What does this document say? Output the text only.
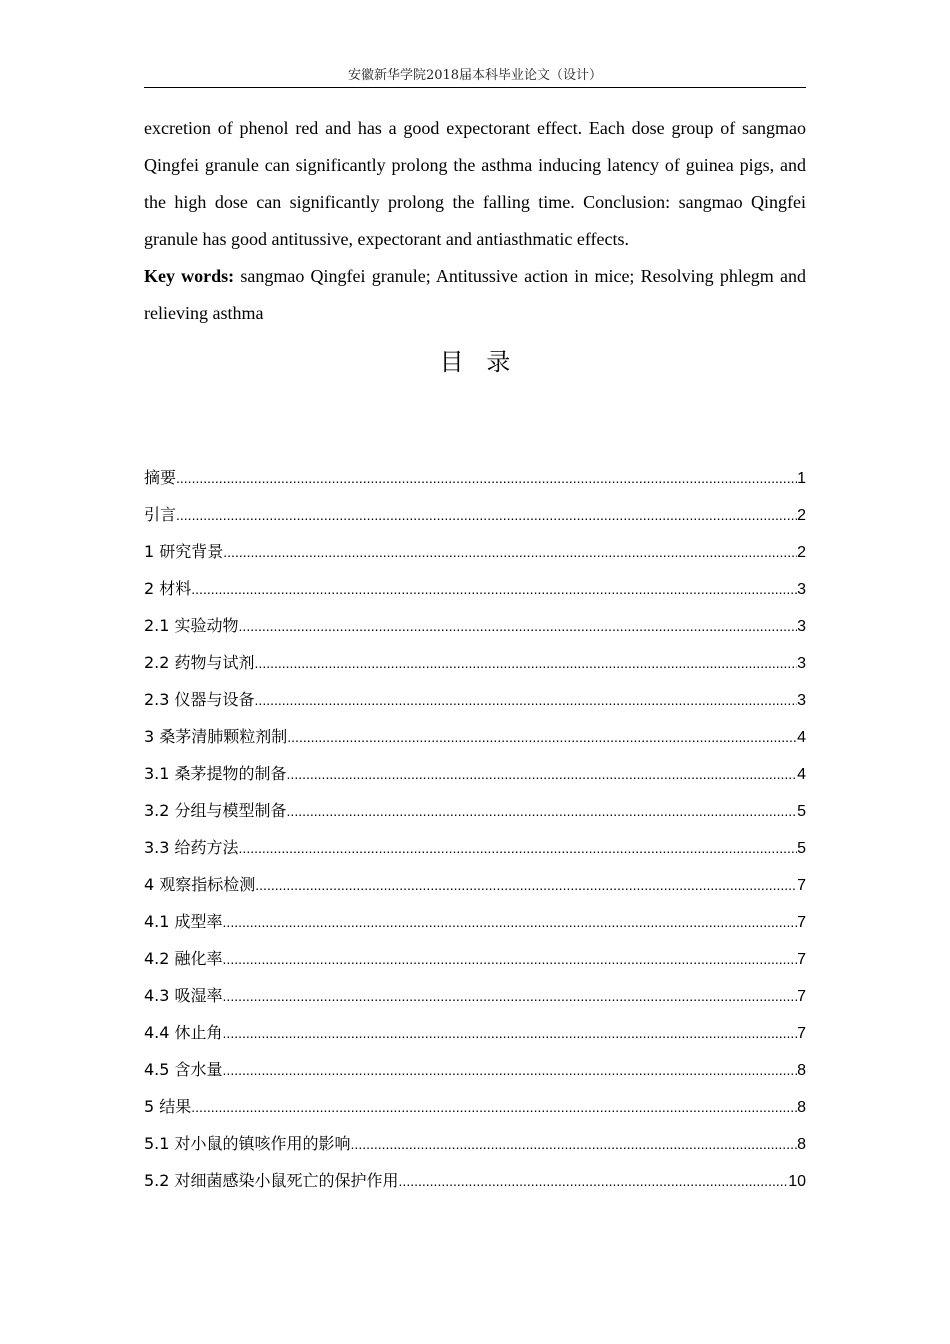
安徽新华学院2018届本科毕业论文（设计）

excretion of phenol red and has a good expectorant effect. Each dose group of sangmao Qingfei granule can significantly prolong the asthma inducing latency of guinea pigs, and the high dose can significantly prolong the falling time. Conclusion: sangmao Qingfei granule has good antitussive, expectorant and antiasthmatic effects.

Key words: sangmao Qingfei granule; Antitussive action in mice; Resolving phlegm and relieving asthma

目录
摘要 .....	1
引言 .....	2
1 研究背景 .....	2
2 材料 .....	3
2.1 实验动物 .....	3
2.2 药物与试剂 .....	3
2.3 仪器与设备 .....	3
3 桑茅清肺颗粒剂制 .....	4
3.1 桑茅提物的制备 .....	4
3.2 分组与模型制备 .....	5
3.3 给药方法 .....	5
4 观察指标检测 .....	7
4.1 成型率 .....	7
4.2 融化率 .....	7
4.3 吸湿率 .....	7
4.4 休止角 .....	7
4.5 含水量 .....	8
5 结果 .....	8
5.1 对小鼠的镇咳作用的影响 .....	8
5.2 对细菌感染小鼠死亡的保护作用 .....	10
